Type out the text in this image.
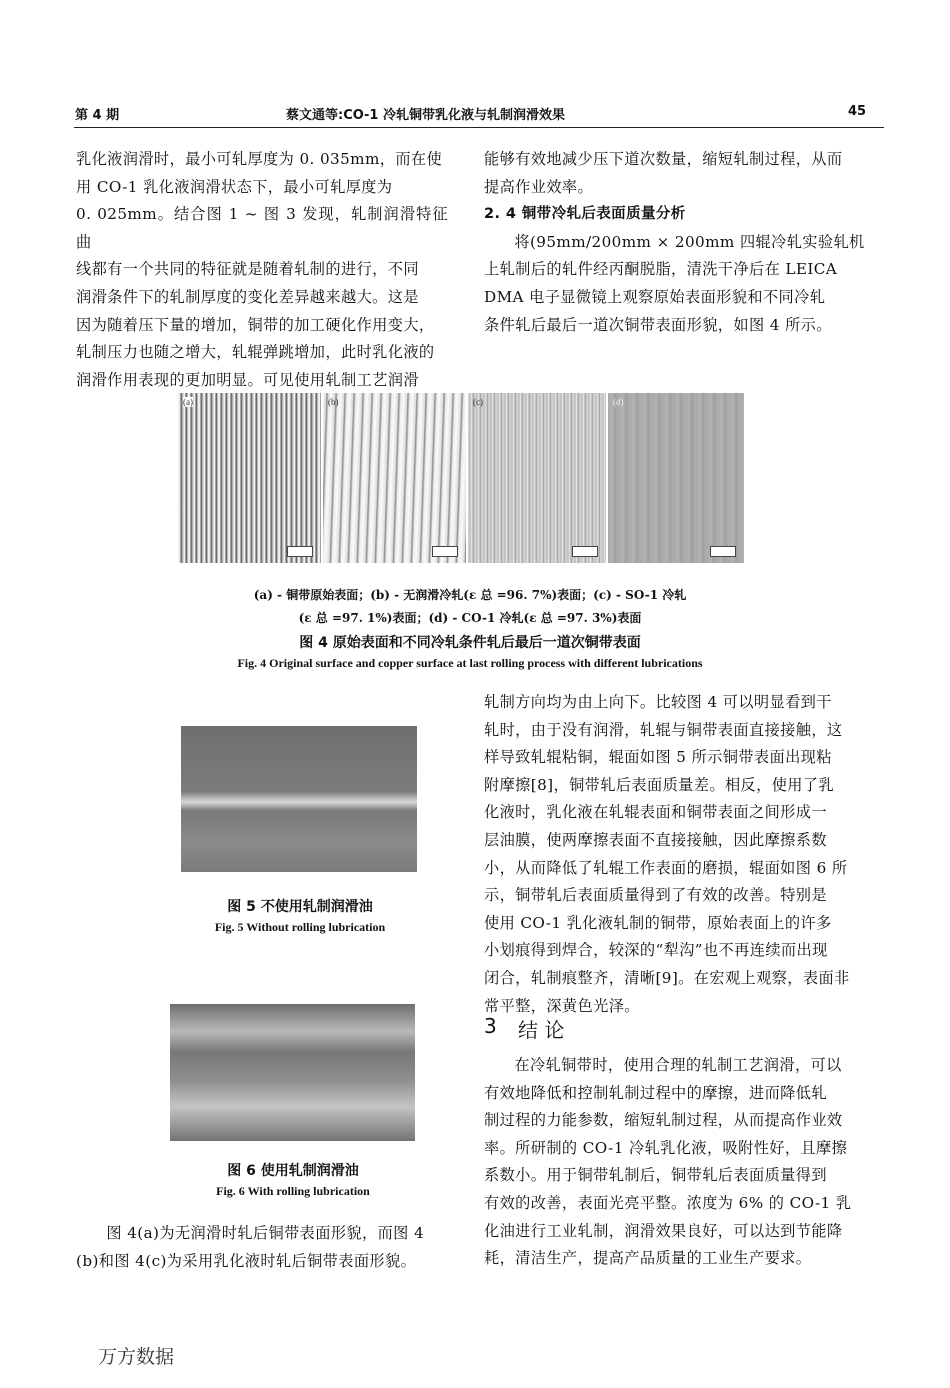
第 4 期	蔡文通等:CO-1 冷轧铜带乳化液与轧制润滑效果	45

乳化液润滑时，最小可轧厚度为 0. 035mm，而在使

用 CO-1 乳化液润滑状态下，最小可轧厚度为

0. 025mm。结合图 1 ~ 图 3 发现，轧制润滑特征曲

线都有一个共同的特征就是随着轧制的进行，不同

润滑条件下的轧制厚度的变化差异越来越大。这是

因为随着压下量的增加，铜带的加工硬化作用变大，

轧制压力也随之增大，轧辊弹跳增加，此时乳化液的

润滑作用表现的更加明显。可见使用轧制工艺润滑

能够有效地减少压下道次数量，缩短轧制过程，从而

提高作业效率。

2. 4 铜带冷轧后表面质量分析

将(95mm/200mm × 200mm 四辊冷轧实验轧机

上轧制后的轧件经丙酮脱脂，清洗干净后在 LEICA

DMA 电子显微镜上观察原始表面形貌和不同冷轧

条件轧后最后一道次铜带表面形貌，如图 4 所示。

(a)	(b)	(c)	(d)
(a) - 铜带原始表面；(b) - 无润滑冷轧(ε 总 =96. 7%)表面；(c) - SO-1 冷轧
(ε 总 =97. 1%)表面；(d) - CO-1 冷轧(ε 总 =97. 3%)表面
图 4 原始表面和不同冷轧条件轧后最后一道次铜带表面
Fig. 4 Original surface and copper surface at last rolling process with different lubrications
图 5 不使用轧制润滑油
Fig. 5 Without rolling lubrication
图 6 使用轧制润滑油
Fig. 6 With rolling lubrication

图 4(a)为无润滑时轧后铜带表面形貌，而图 4

(b)和图 4(c)为采用乳化液时轧后铜带表面形貌。

轧制方向均为由上向下。比较图 4 可以明显看到干

轧时，由于没有润滑，轧辊与铜带表面直接接触，这

样导致轧辊粘铜，辊面如图 5 所示铜带表面出现粘

附摩擦[8]，铜带轧后表面质量差。相反，使用了乳

化液时，乳化液在轧辊表面和铜带表面之间形成一

层油膜，使两摩擦表面不直接接触，因此摩擦系数

小，从而降低了轧辊工作表面的磨损，辊面如图 6 所

示，铜带轧后表面质量得到了有效的改善。特别是

使用 CO-1 乳化液轧制的铜带，原始表面上的许多

小划痕得到焊合，较深的“犁沟”也不再连续而出现

闭合，轧制痕整齐，清晰[9]。在宏观上观察，表面非

常平整，深黄色光泽。

3 结 论

在冷轧铜带时，使用合理的轧制工艺润滑，可以

有效地降低和控制轧制过程中的摩擦，进而降低轧

制过程的力能参数，缩短轧制过程，从而提高作业效

率。所研制的 CO-1 冷轧乳化液，吸附性好，且摩擦

系数小。用于铜带轧制后，铜带轧后表面质量得到

有效的改善，表面光亮平整。浓度为 6% 的 CO-1 乳

化油进行工业轧制，润滑效果良好，可以达到节能降

耗，清洁生产，提高产品质量的工业生产要求。

万方数据
